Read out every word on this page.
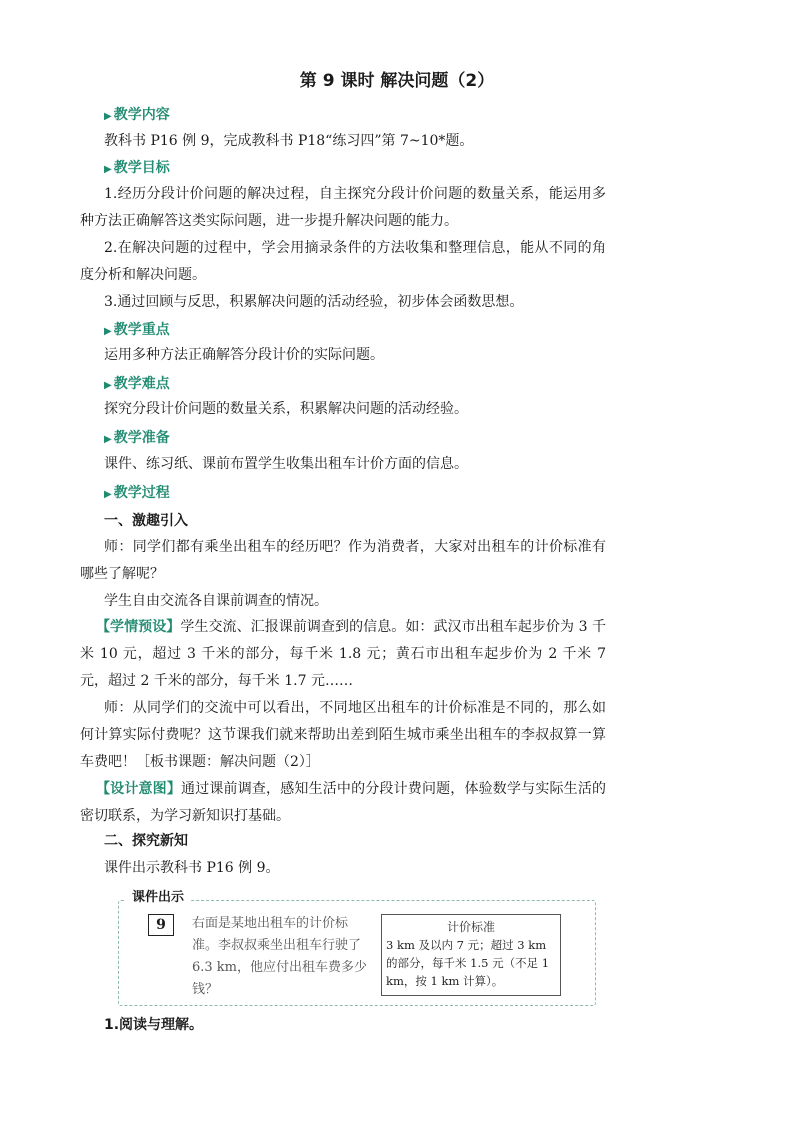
第 9 课时 解决问题（2）
▶ 教学内容
教科书 P16 例 9，完成教科书 P18“练习四”第 7~10*题。
▶ 教学目标
1.经历分段计价问题的解决过程，自主探究分段计价问题的数量关系，能运用多种方法正确解答这类实际问题，进一步提升解决问题的能力。
2.在解决问题的过程中，学会用摘录条件的方法收集和整理信息，能从不同的角度分析和解决问题。
3.通过回顾与反思，积累解决问题的活动经验，初步体会函数思想。
▶ 教学重点
运用多种方法正确解答分段计价的实际问题。
▶ 教学难点
探究分段计价问题的数量关系，积累解决问题的活动经验。
▶ 教学准备
课件、练习纸、课前布置学生收集出租车计价方面的信息。
▶ 教学过程
一、激趣引入
师：同学们都有乘坐出租车的经历吧？作为消费者，大家对出租车的计价标准有哪些了解呢？
学生自由交流各自课前调查的情况。
【学情预设】学生交流、汇报课前调查到的信息。如：武汉市出租车起步价为 3 千米 10 元，超过 3 千米的部分，每千米 1.8 元；黄石市出租车起步价为 2 千米 7 元，超过 2 千米的部分，每千米 1.7 元……
师：从同学们的交流中可以看出，不同地区出租车的计价标准是不同的，那么如何计算实际付费呢？这节课我们就来帮助出差到陌生城市乘坐出租车的李叔叔算一算车费吧！［板书课题：解决问题（2）］
【设计意图】通过课前调查，感知生活中的分段计费问题，体验数学与实际生活的密切联系，为学习新知识打基础。
二、探究新知
课件出示教科书 P16 例 9。
课件出示
9	右面是某地出租车的计价标准。李叔叔乘坐出租车行驶了 6.3 km，他应付出租车费多少钱？
计价标准
3 km 及以内 7 元；超过 3 km 的部分，每千米 1.5 元（不足 1 km，按 1 km 计算）。
1.阅读与理解。
